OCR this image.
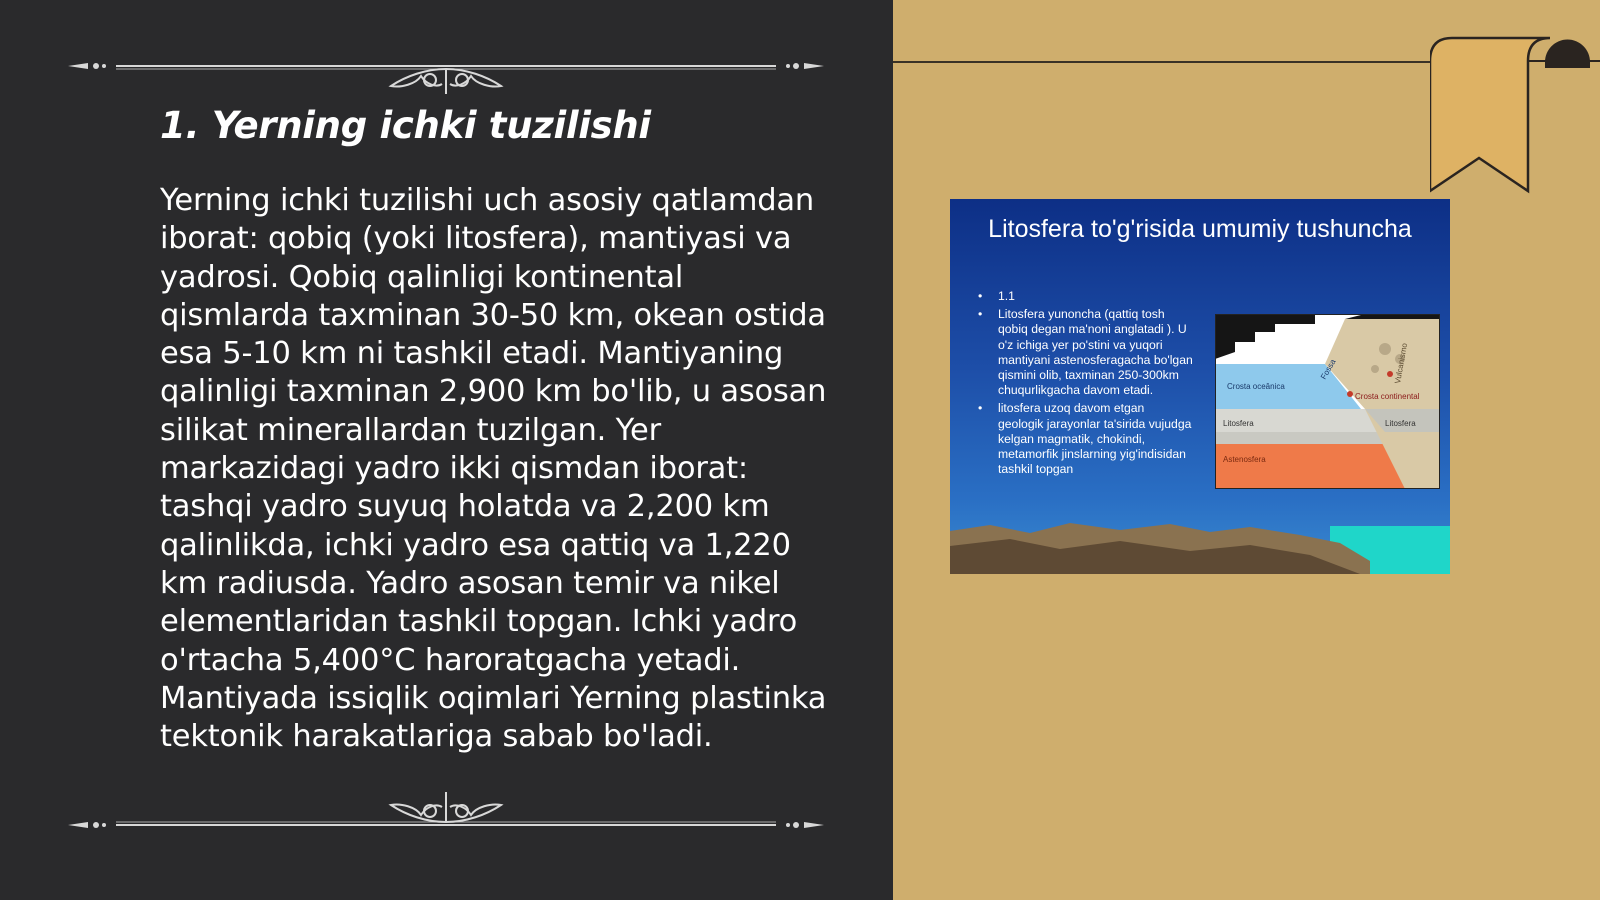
1. Yerning ichki tuzilishi

Yerning ichki tuzilishi uch asosiy qatlamdan iborat: qobiq (yoki litosfera), mantiyasi va yadrosi. Qobiq qalinligi kontinental qismlarda taxminan 30-50 km, okean ostida esa 5-10 km ni tashkil etadi. Mantiyaning qalinligi taxminan 2,900 km bo'lib, u asosan silikat minerallardan tuzilgan. Yer markazidagi yadro ikki qismdan iborat: tashqi yadro suyuq holatda va 2,200 km qalinlikda, ichki yadro esa qattiq va 1,220 km radiusda. Yadro asosan temir va nikel elementlaridan tashkil topgan. Ichki yadro o'rtacha 5,400°C haroratgacha yetadi. Mantiyada issiqlik oqimlari Yerning plastinka tektonik harakatlariga sabab bo'ladi.

Litosfera to'g'risida umumiy tushuncha
• 1.1
• Litosfera yunoncha (qattiq tosh qobiq degan ma'noni anglatadi ). U o'z ichiga yer po'stini va yuqori mantiyani astenosferagacha bo'lgan qismini olib, taxminan 250-300km chuqurlikgacha davom etadi.
• litosfera uzoq davom etgan geologik jarayonlar ta'sirida vujudga kelgan magmatik, chokindi, metamorfik jinslarning yig'indisidan tashkil topgan
Crosta oceânica
Crosta continental
Litosfera	Litosfera
Astenosfera
Vulcanismo
Fossa
